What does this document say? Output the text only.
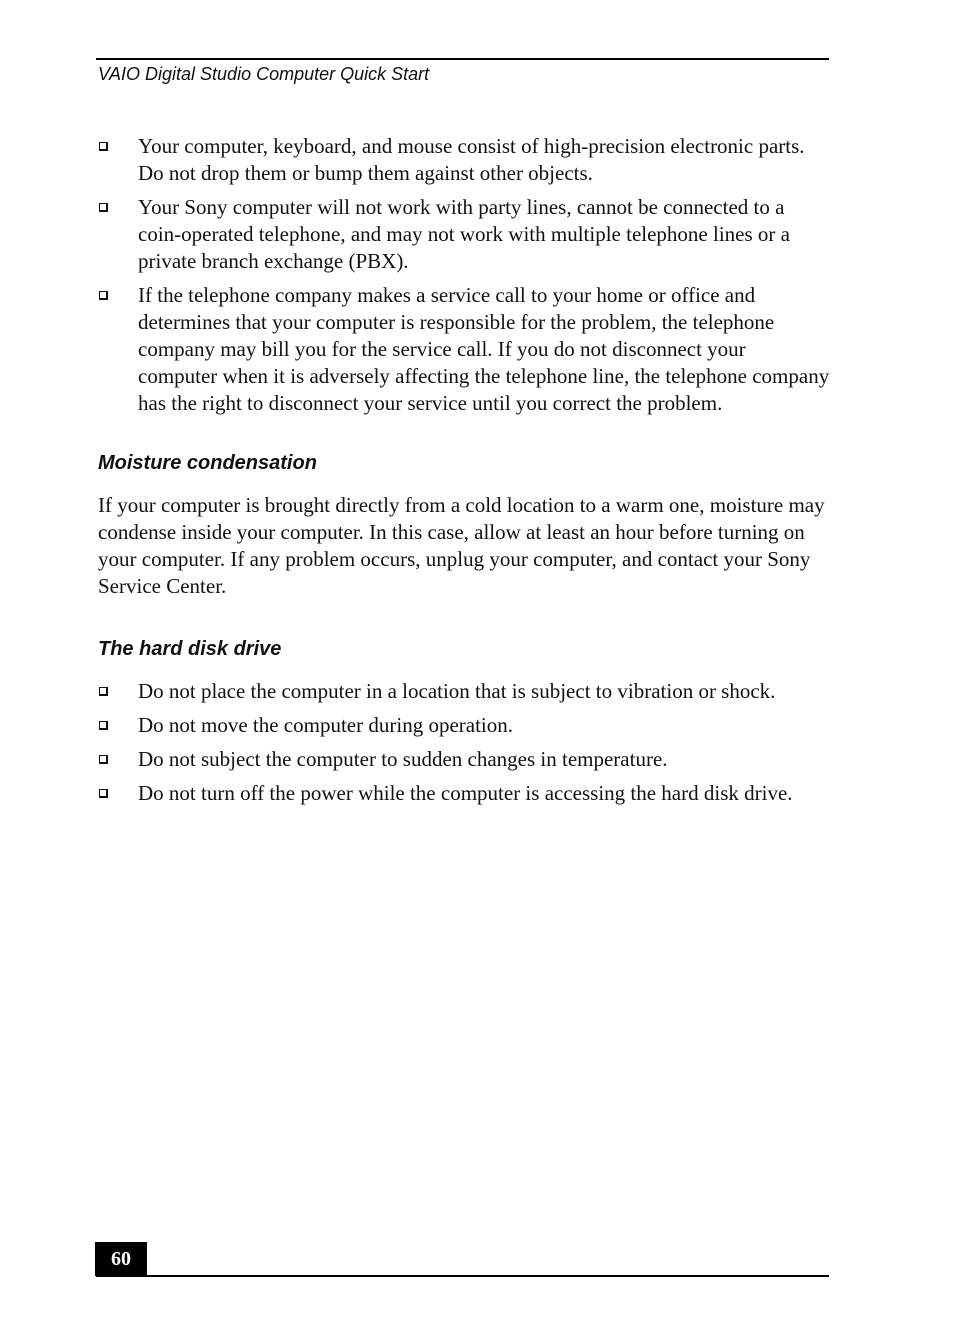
VAIO Digital Studio Computer Quick Start
Your computer, keyboard, and mouse consist of high-precision electronic parts. Do not drop them or bump them against other objects.
Your Sony computer will not work with party lines, cannot be connected to a coin-operated telephone, and may not work with multiple telephone lines or a private branch exchange (PBX).
If the telephone company makes a service call to your home or office and determines that your computer is responsible for the problem, the telephone company may bill you for the service call. If you do not disconnect your computer when it is adversely affecting the telephone line, the telephone company has the right to disconnect your service until you correct the problem.
Moisture condensation

If your computer is brought directly from a cold location to a warm one, moisture may condense inside your computer. In this case, allow at least an hour before turning on your computer. If any problem occurs, unplug your computer, and contact your Sony Service Center.

The hard disk drive
Do not place the computer in a location that is subject to vibration or shock.
Do not move the computer during operation.
Do not subject the computer to sudden changes in temperature.
Do not turn off the power while the computer is accessing the hard disk drive.
60
